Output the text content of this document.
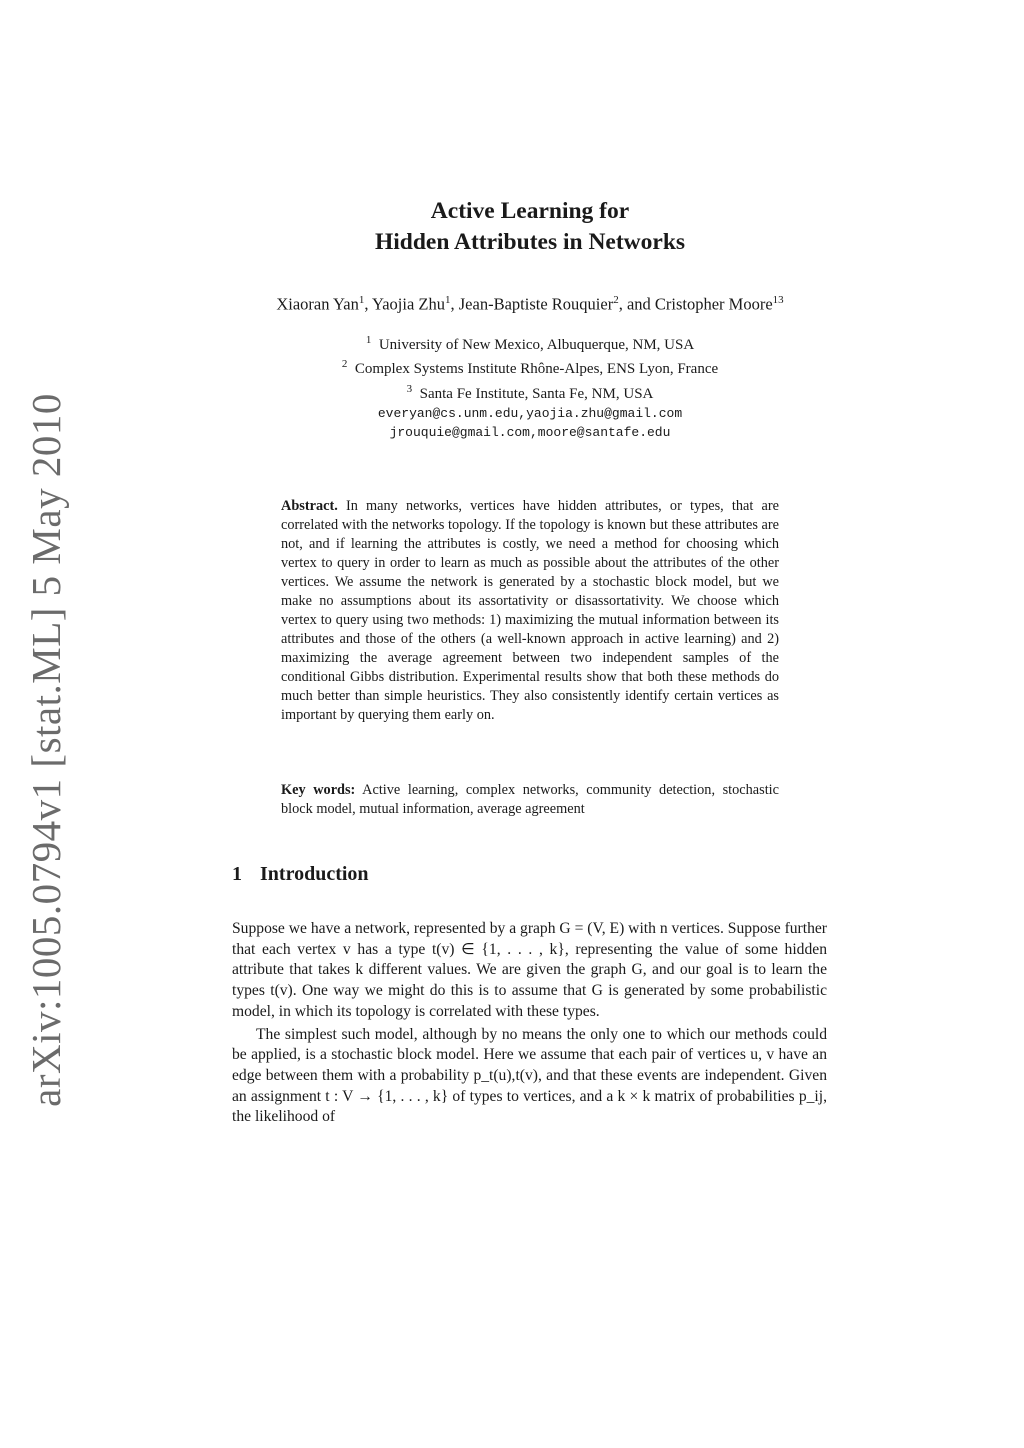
arXiv:1005.0794v1 [stat.ML] 5 May 2010
Active Learning for
Hidden Attributes in Networks
Xiaoran Yan$^1$, Yaojia Zhu$^1$, Jean-Baptiste Rouquier$^2$, and Cristopher Moore$^{13}$
$^1$ University of New Mexico, Albuquerque, NM, USA
$^2$ Complex Systems Institute Rhône-Alpes, ENS Lyon, France
$^3$ Santa Fe Institute, Santa Fe, NM, USA
everyan@cs.unm.edu,yaojia.zhu@gmail.com
jrouquie@gmail.com,moore@santafe.edu
Abstract. In many networks, vertices have hidden attributes, or types, that are correlated with the networks topology. If the topology is known but these attributes are not, and if learning the attributes is costly, we need a method for choosing which vertex to query in order to learn as much as possible about the attributes of the other vertices. We assume the network is generated by a stochastic block model, but we make no assumptions about its assortativity or disassortativity. We choose which vertex to query using two methods: 1) maximizing the mutual information between its attributes and those of the others (a well-known approach in active learning) and 2) maximizing the average agreement between two independent samples of the conditional Gibbs distribution. Experimental results show that both these methods do much better than simple heuristics. They also consistently identify certain vertices as important by querying them early on.
Key words: Active learning, complex networks, community detection, stochastic block model, mutual information, average agreement
1 Introduction

Suppose we have a network, represented by a graph G = (V, E) with n vertices. Suppose further that each vertex v has a type t(v) ∈ {1, . . . , k}, representing the value of some hidden attribute that takes k different values. We are given the graph G, and our goal is to learn the types t(v). One way we might do this is to assume that G is generated by some probabilistic model, in which its topology is correlated with these types.

The simplest such model, although by no means the only one to which our methods could be applied, is a stochastic block model. Here we assume that each pair of vertices u, v have an edge between them with a probability p_t(u),t(v), and that these events are independent. Given an assignment t : V → {1, . . . , k} of types to vertices, and a k × k matrix of probabilities p_ij, the likelihood of
